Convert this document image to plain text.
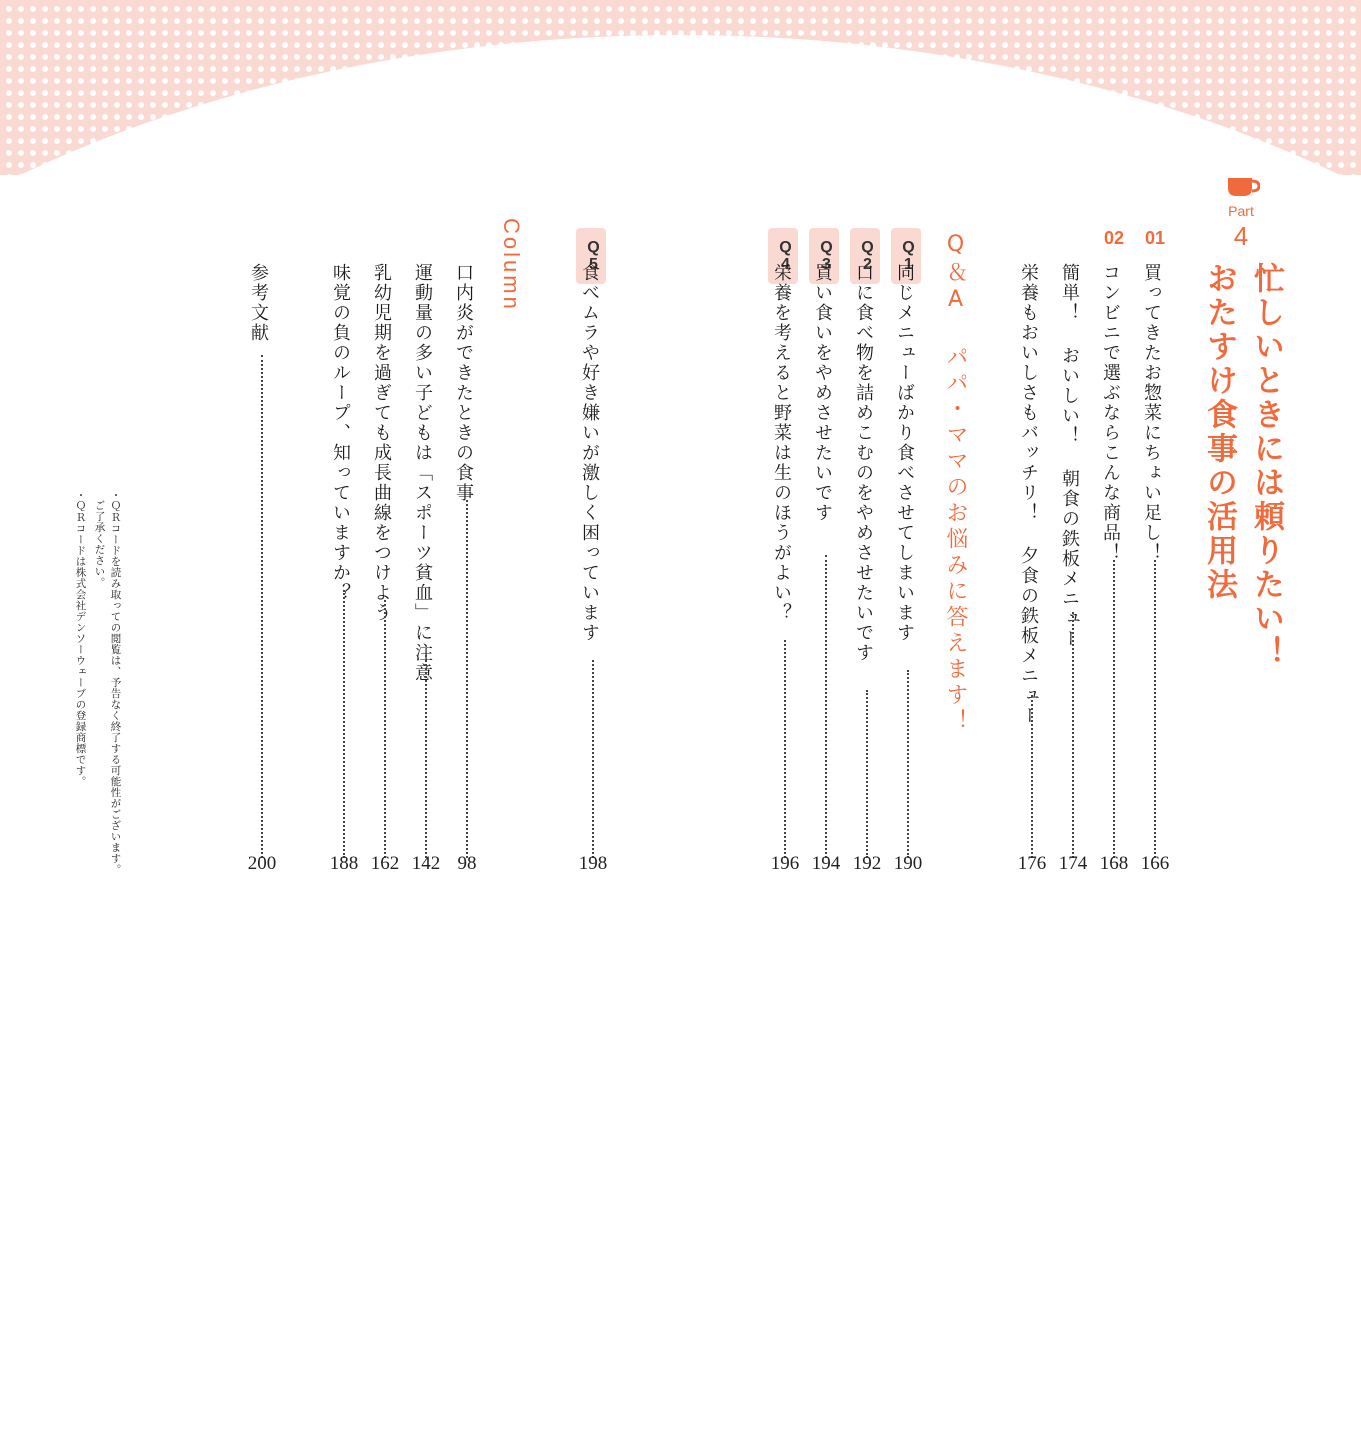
Part
4
忙しいときには頼りたい！
おたすけ食事の活用法
01
買ってきたお惣菜にちょい足し！
166
02
コンビニで選ぶならこんな商品！
168
簡単！ おいしい！ 朝食の鉄板メニュー
174
栄養もおいしさもバッチリ！ 夕食の鉄板メニュー
176
Q＆A パパ・ママのお悩みに答えます！
Q1
同じメニューばかり食べさせてしまいます
190
Q2
口に食べ物を詰めこむのをやめさせたいです
192
Q3
買い食いをやめさせたいです
194
Q4
栄養を考えると野菜は生のほうがよい？
196
Q5
食べムラや好き嫌いが激しく困っています
198
Column
口内炎ができたときの食事
98
運動量の多い子どもは「スポーツ貧血」に注意
142
乳幼児期を過ぎても成長曲線をつけよう
162
味覚の負のループ、知っていますか？
188
参考文献
200
・ＱＲコードを読み取っての閲覧は、予告なく終了する可能性がございます。
ご了承ください。
・ＱＲコードは株式会社デンソーウェーブの登録商標です。
